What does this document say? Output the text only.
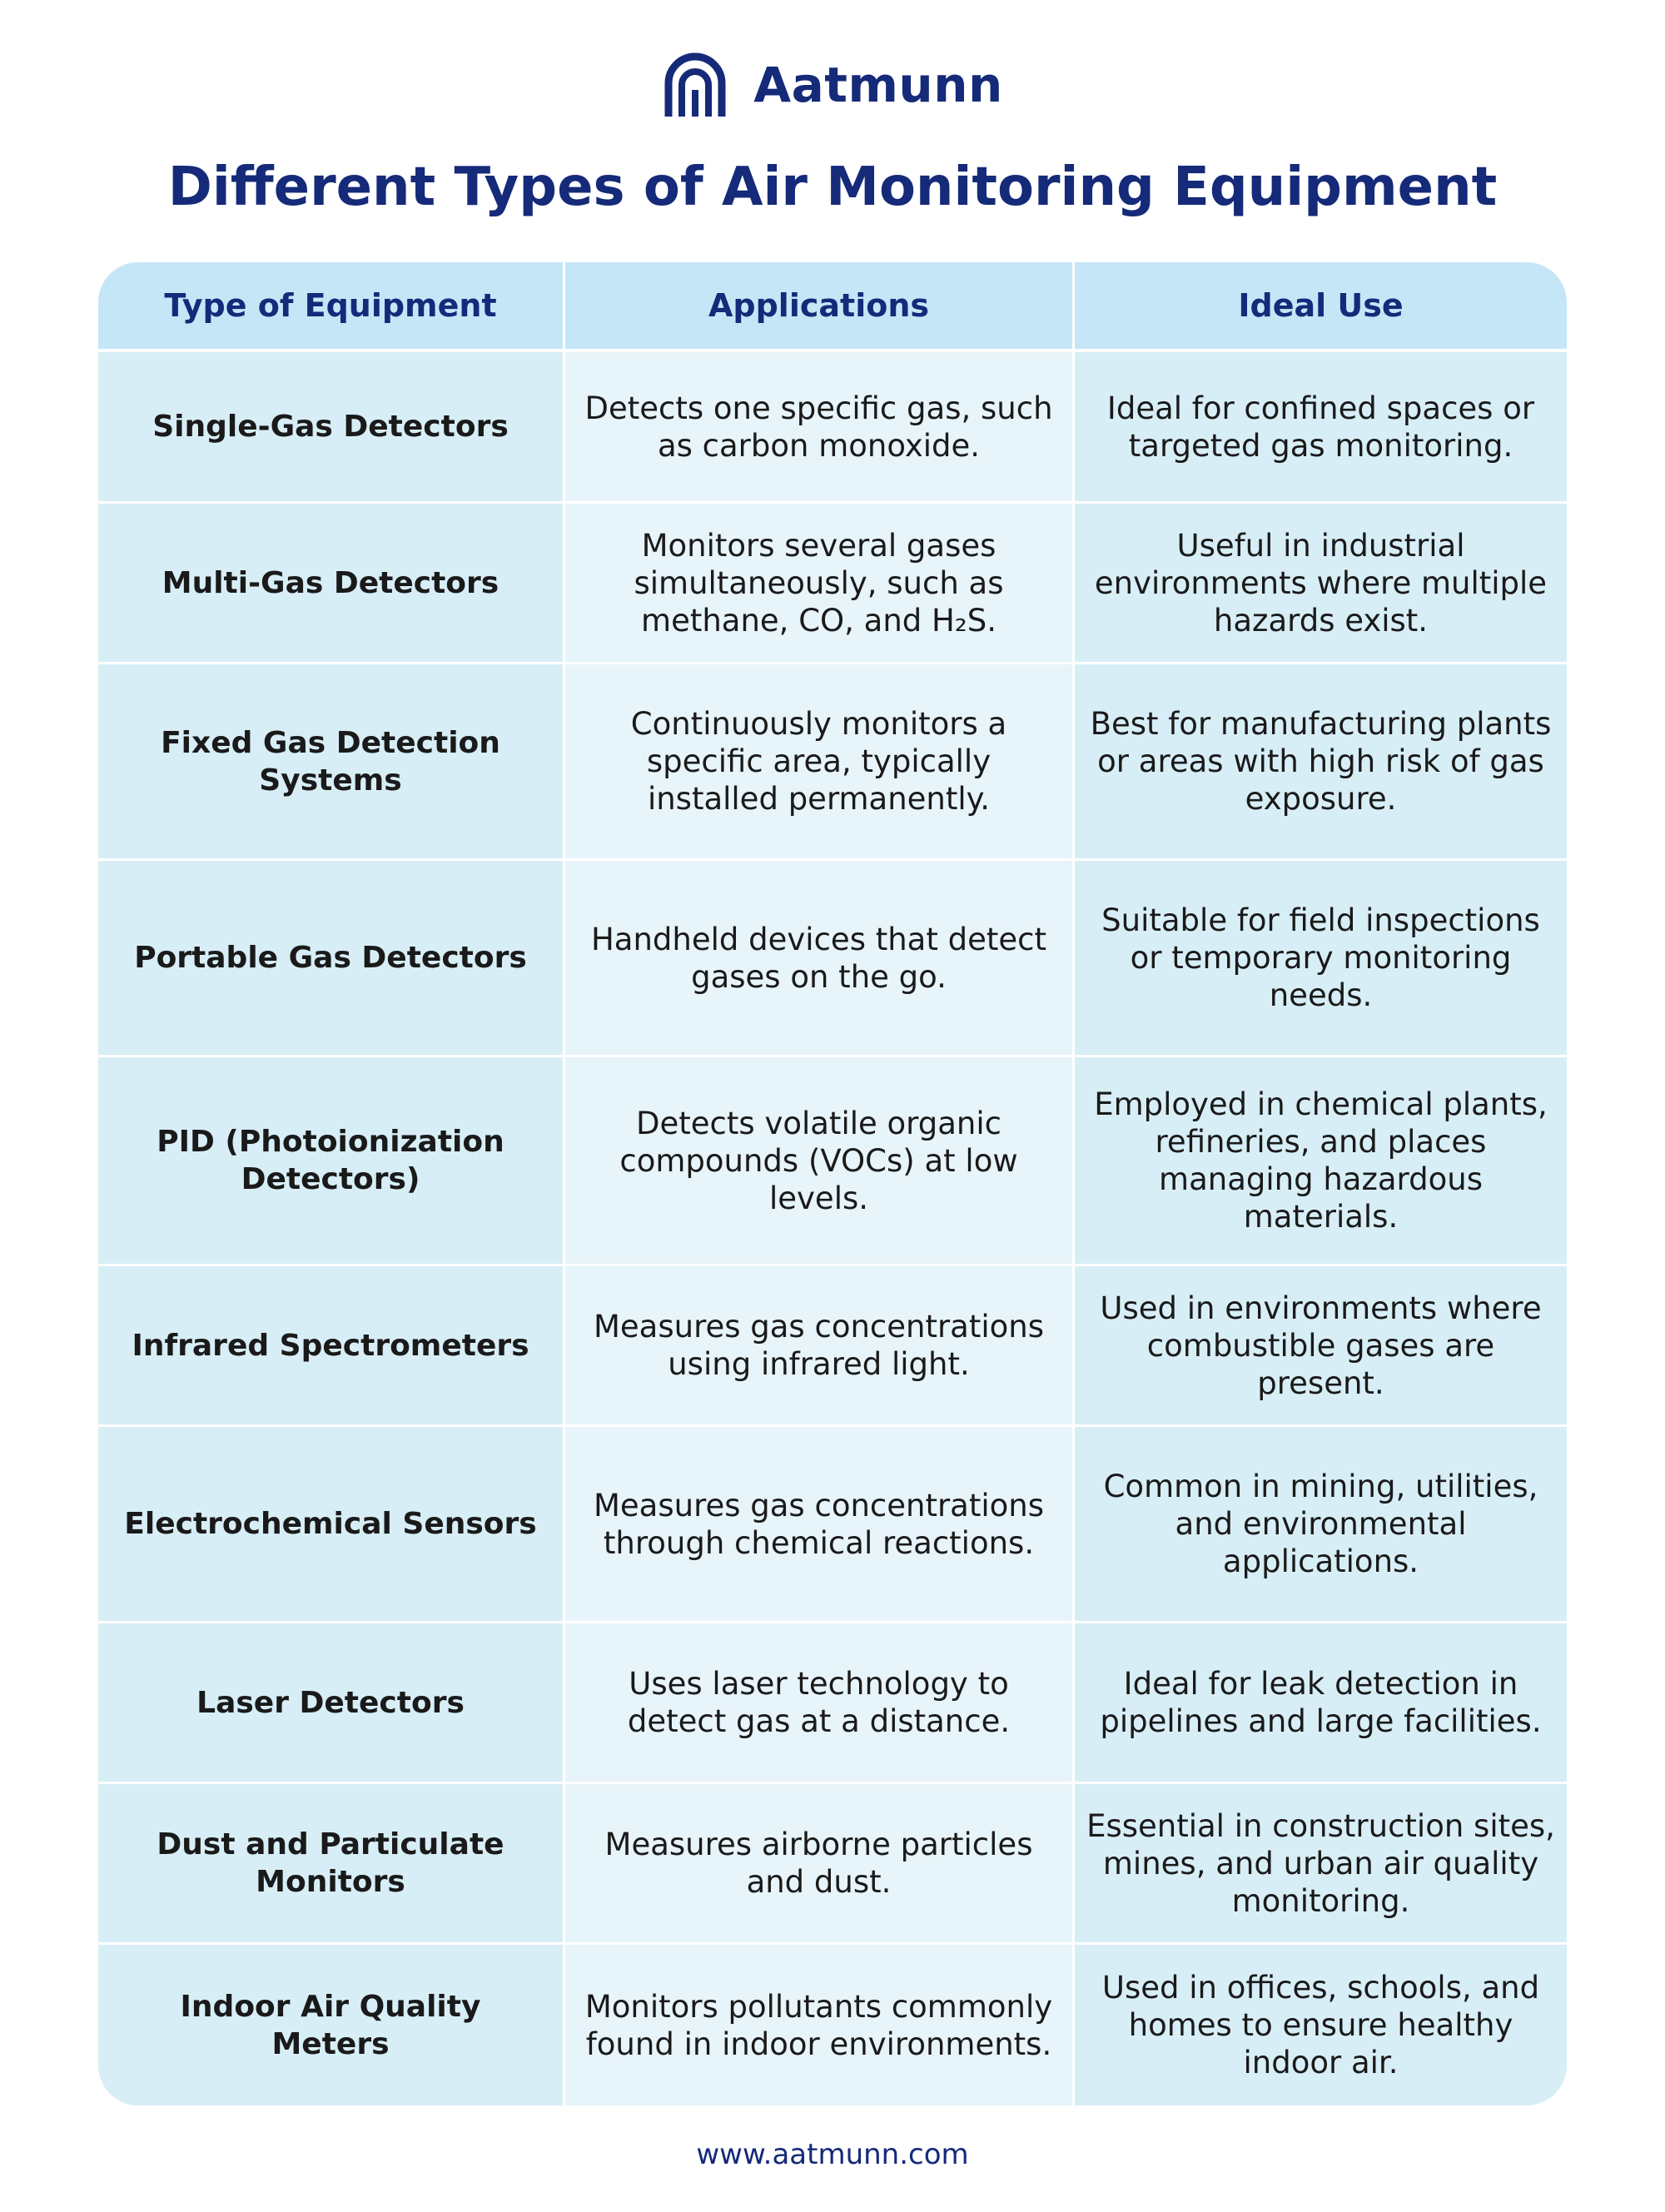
Aatmunn
Different Types of Air Monitoring Equipment
Type of Equipment	Applications	Ideal Use
Single-Gas Detectors
Detects one specific gas, such as carbon monoxide.
Ideal for confined spaces or targeted gas monitoring.
Multi-Gas Detectors
Monitors several gases simultaneously, such as methane, CO, and H₂S.
Useful in industrial environments where multiple hazards exist.
Fixed Gas Detection Systems
Continuously monitors a specific area, typically installed permanently.
Best for manufacturing plants or areas with high risk of gas exposure.
Portable Gas Detectors
Handheld devices that detect gases on the go.
Suitable for field inspections or temporary monitoring needs.
PID (Photoionization Detectors)
Detects volatile organic compounds (VOCs) at low levels.
Employed in chemical plants, refineries, and places managing hazardous materials.
Infrared Spectrometers
Measures gas concentrations using infrared light.
Used in environments where combustible gases are present.
Electrochemical Sensors
Measures gas concentrations through chemical reactions.
Common in mining, utilities, and environmental applications.
Laser Detectors
Uses laser technology to detect gas at a distance.
Ideal for leak detection in pipelines and large facilities.
Dust and Particulate Monitors
Measures airborne particles and dust.
Essential in construction sites, mines, and urban air quality monitoring.
Indoor Air Quality Meters
Monitors pollutants commonly found in indoor environments.
Used in offices, schools, and homes to ensure healthy indoor air.
www.aatmunn.com
